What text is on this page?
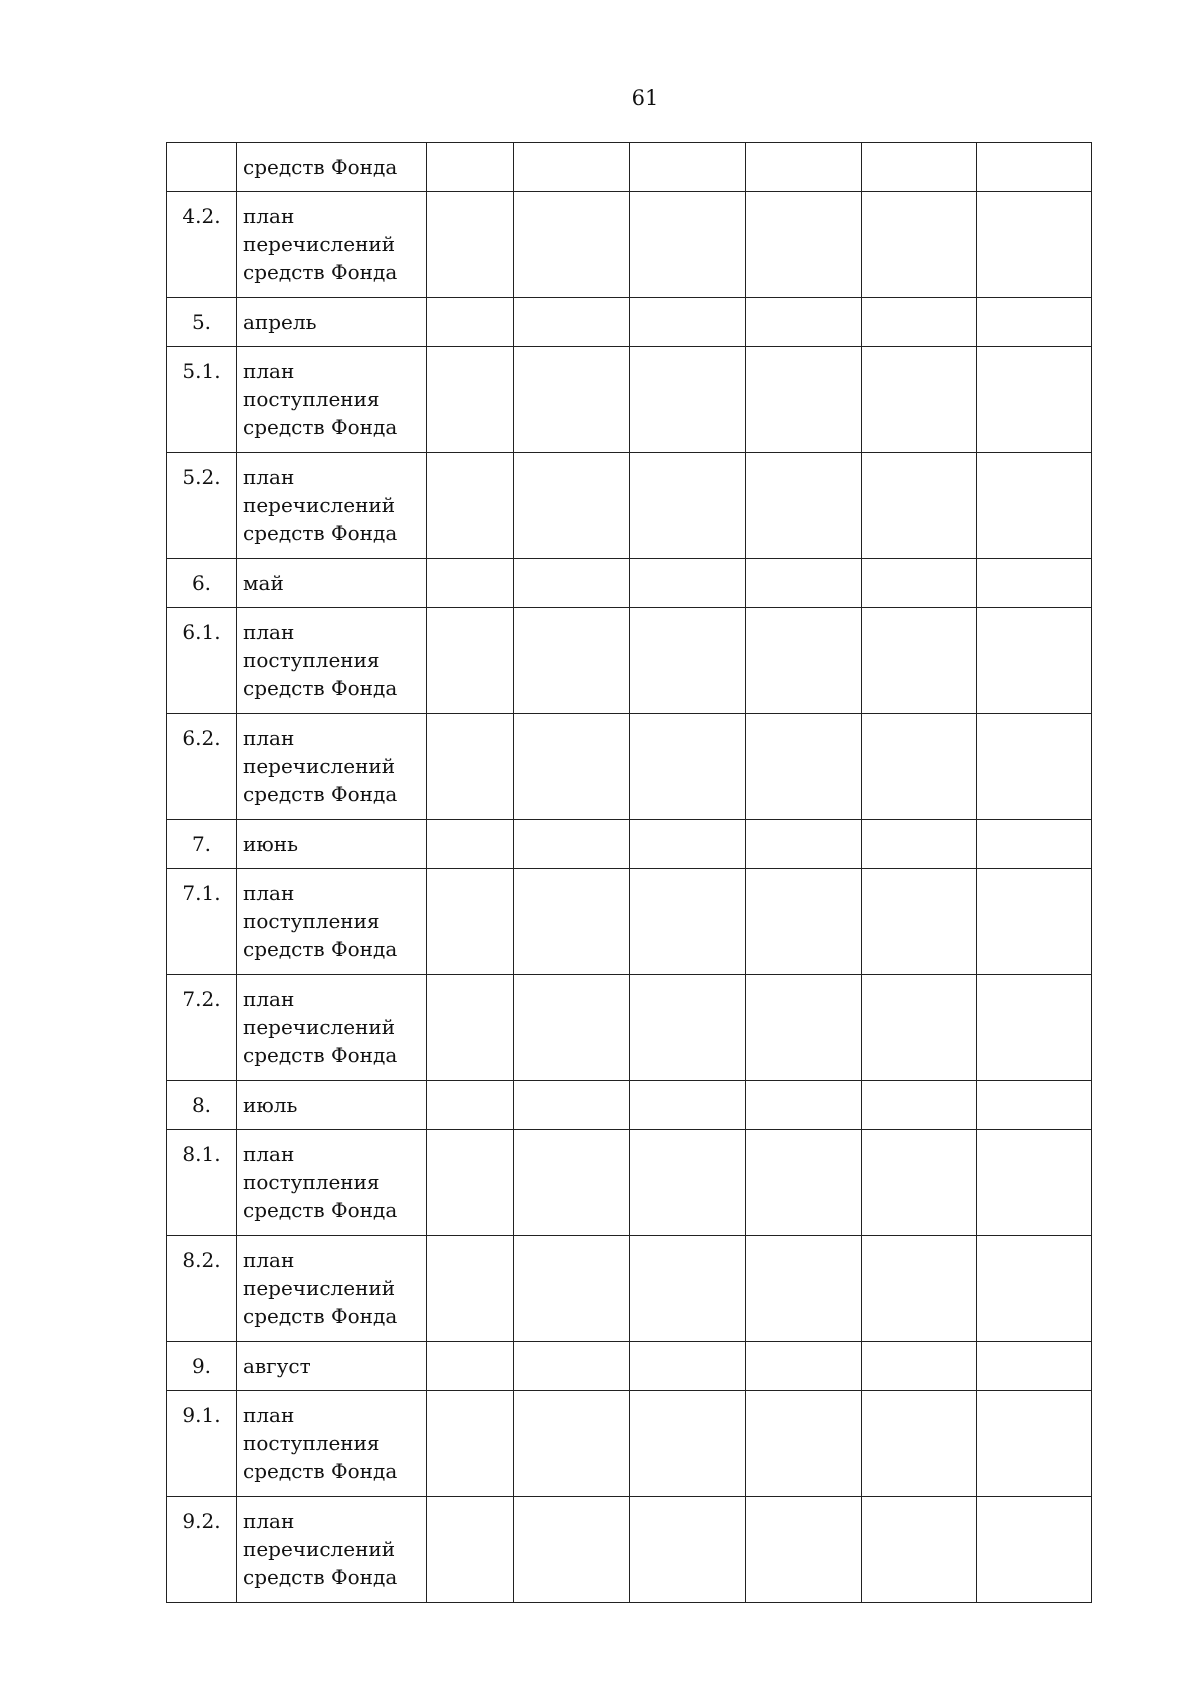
61
	средств Фонда						
4.2.	план
перечислений
средств Фонда						
5.	апрель						
5.1.	план
поступления
средств Фонда						
5.2.	план
перечислений
средств Фонда						
6.	май						
6.1.	план
поступления
средств Фонда						
6.2.	план
перечислений
средств Фонда						
7.	июнь						
7.1.	план
поступления
средств Фонда						
7.2.	план
перечислений
средств Фонда						
8.	июль						
8.1.	план
поступления
средств Фонда						
8.2.	план
перечислений
средств Фонда						
9.	август						
9.1.	план
поступления
средств Фонда						
9.2.	план
перечислений
средств Фонда						
